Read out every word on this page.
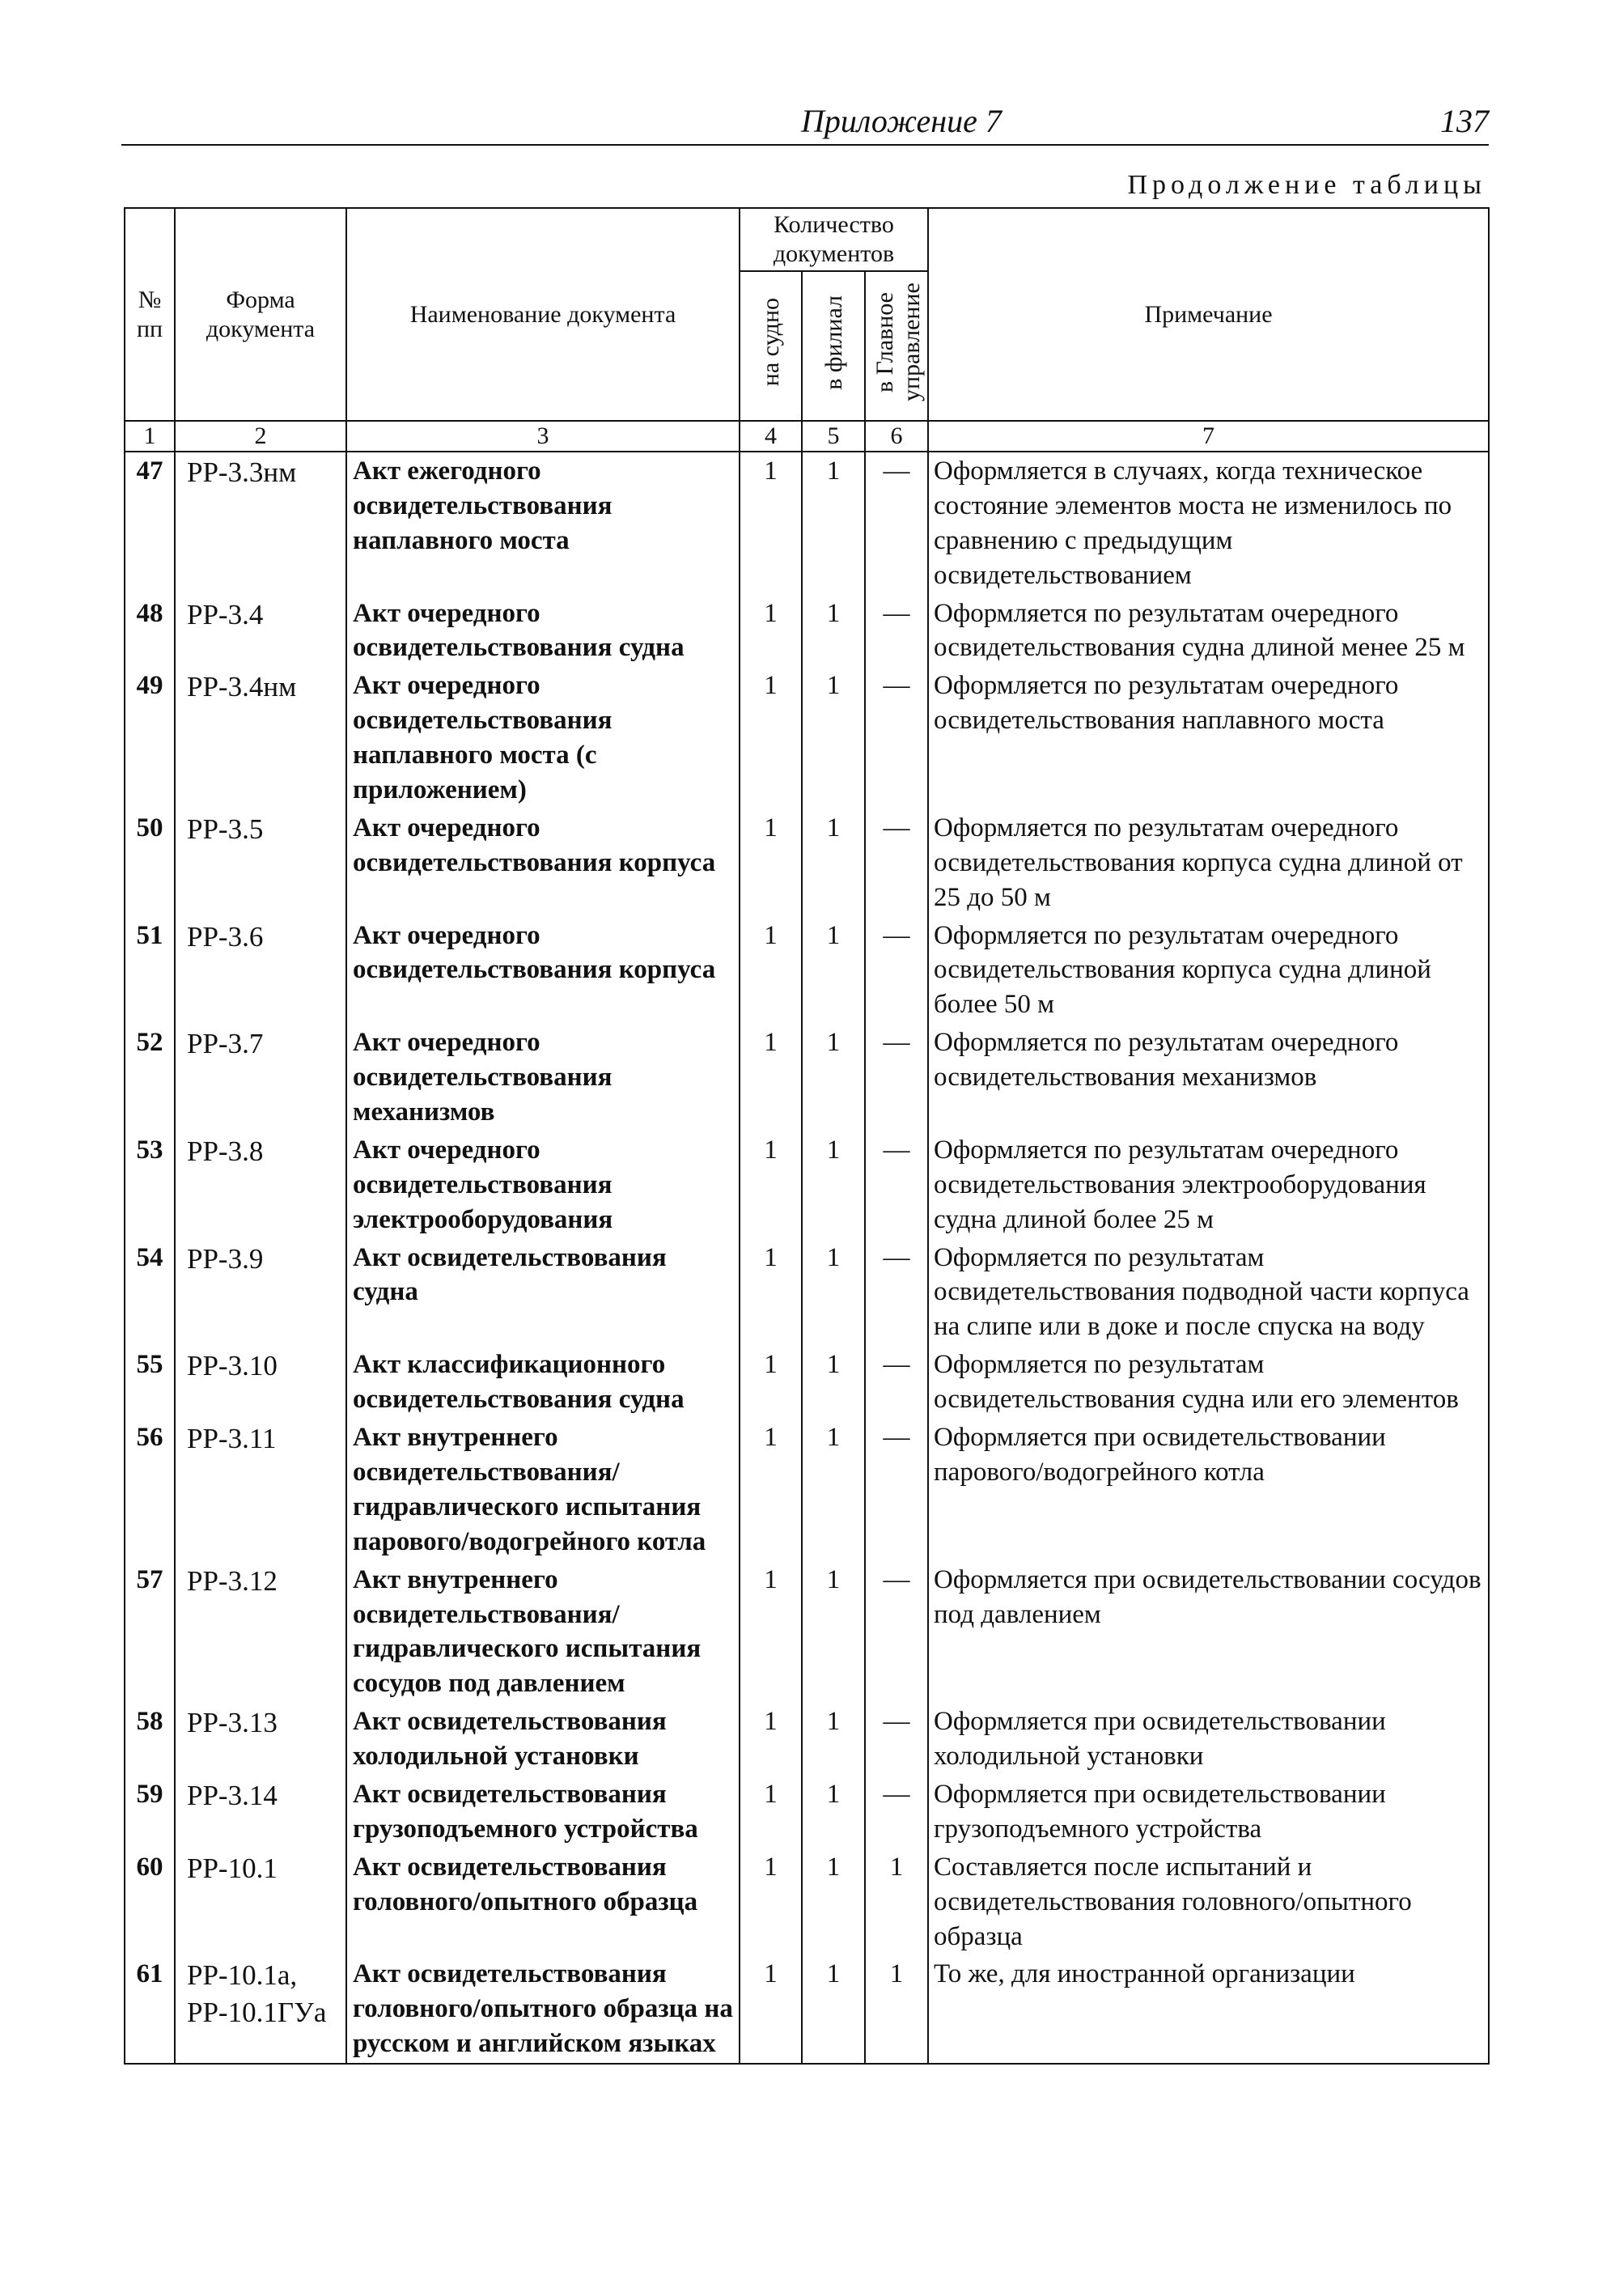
Приложение 7	137
Продолжение таблицы
№ пп	Форма документа	Наименование документа	Количество документов			Примечание
			на судно	в филиал	в Главное управление	
1	2	3	4	5	6	7
47	РР-3.3нм	Акт ежегодного освидетельствования наплавного моста	1	1	—	Оформляется в случаях, когда техническое состояние элементов моста не изменилось по сравнению с предыдущим освидетельствованием
48	РР-3.4	Акт очередного освидетельствования судна	1	1	—	Оформляется по результатам очередного освидетельствования судна длиной менее 25 м
49	РР-3.4нм	Акт очередного освидетельствования наплавного моста (с приложением)	1	1	—	Оформляется по результатам очередного освидетельствования наплавного моста
50	РР-3.5	Акт очередного освидетельствования корпуса	1	1	—	Оформляется по результатам очередного освидетельствования корпуса судна длиной от 25 до 50 м
51	РР-3.6	Акт очередного освидетельствования корпуса	1	1	—	Оформляется по результатам очередного освидетельствования корпуса судна длиной более 50 м
52	РР-3.7	Акт очередного освидетельствования механизмов	1	1	—	Оформляется по результатам очередного освидетельствования механизмов
53	РР-3.8	Акт очередного освидетельствования электрооборудования	1	1	—	Оформляется по результатам очередного освидетельствования электрооборудования судна длиной более 25 м
54	РР-3.9	Акт освидетельствования судна	1	1	—	Оформляется по результатам освидетельствования подводной части корпуса на слипе или в доке и после спуска на воду
55	РР-3.10	Акт классификационного освидетельствования судна	1	1	—	Оформляется по результатам освидетельствования судна или его элементов
56	РР-3.11	Акт внутреннего освидетельствования/ гидравлического испытания парового/водогрейного котла	1	1	—	Оформляется при освидетельствовании парового/водогрейного котла
57	РР-3.12	Акт внутреннего освидетельствования/ гидравлического испытания сосудов под давлением	1	1	—	Оформляется при освидетельствовании сосудов под давлением
58	РР-3.13	Акт освидетельствования холодильной установки	1	1	—	Оформляется при освидетельствовании холодильной установки
59	РР-3.14	Акт освидетельствования грузоподъемного устройства	1	1	—	Оформляется при освидетельствовании грузоподъемного устройства
60	РР-10.1	Акт освидетельствования головного/опытного образца	1	1	1	Составляется после испытаний и освидетельствования головного/опытного образца
61	РР-10.1а, РР-10.1ГУа	Акт освидетельствования головного/опытного образца на русском и английском языках	1	1	1	То же, для иностранной организации
